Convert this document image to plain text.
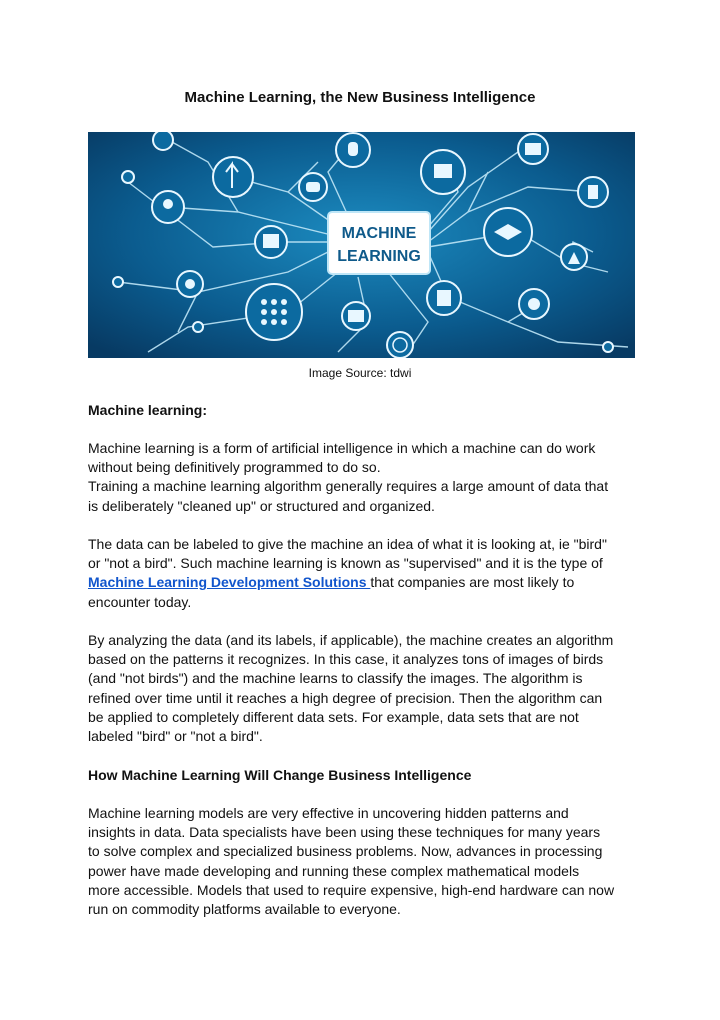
Machine Learning, the New Business Intelligence
MACHINE
LEARNING
Image Source: tdwi
Machine learning:

Machine learning is a form of artificial intelligence in which a machine can do work

without being definitively programmed to do so.

Training a machine learning algorithm generally requires a large amount of data that

is deliberately "cleaned up" or structured and organized.

The data can be labeled to give the machine an idea of what it is looking at, ie "bird"

or "not a bird". Such machine learning is known as "supervised" and it is the type of

Machine Learning Development Solutions that companies are most likely to

encounter today.

By analyzing the data (and its labels, if applicable), the machine creates an algorithm

based on the patterns it recognizes. In this case, it analyzes tons of images of birds

(and "not birds") and the machine learns to classify the images. The algorithm is

refined over time until it reaches a high degree of precision. Then the algorithm can

be applied to completely different data sets. For example, data sets that are not

labeled "bird" or "not a bird".

How Machine Learning Will Change Business Intelligence

Machine learning models are very effective in uncovering hidden patterns and

insights in data. Data specialists have been using these techniques for many years

to solve complex and specialized business problems. Now, advances in processing

power have made developing and running these complex mathematical models

more accessible. Models that used to require expensive, high-end hardware can now

run on commodity platforms available to everyone.
